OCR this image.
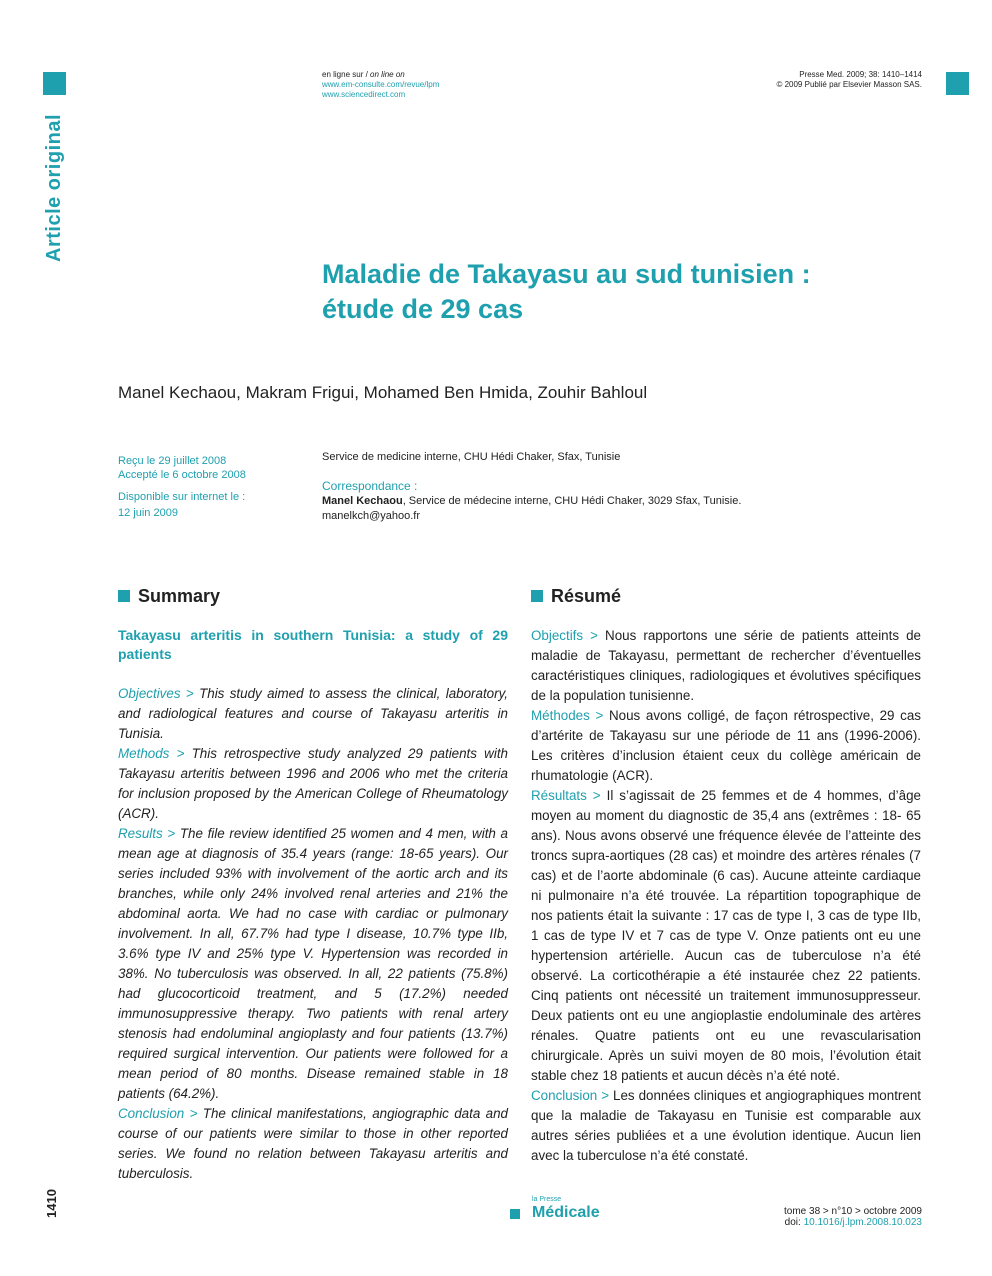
Article original
1410
en ligne sur / on line on
www.em-consulte.com/revue/lpm
www.sciencedirect.com
Presse Med. 2009; 38: 1410–1414
© 2009 Publié par Elsevier Masson SAS.
Maladie de Takayasu au sud tunisien :
étude de 29 cas
Manel Kechaou, Makram Frigui, Mohamed Ben Hmida, Zouhir Bahloul
Reçu le 29 juillet 2008
Accepté le 6 octobre 2008
Disponible sur internet le :
12 juin 2009
Service de medicine interne, CHU Hédi Chaker, Sfax, Tunisie
Correspondance :
Manel Kechaou, Service de médecine interne, CHU Hédi Chaker, 3029 Sfax, Tunisie.
manelkch@yahoo.fr
Summary
Takayasu arteritis in southern Tunisia: a study of 29 patients

Objectives > This study aimed to assess the clinical, laboratory, and radiological features and course of Takayasu arteritis in Tunisia.

Methods > This retrospective study analyzed 29 patients with Takayasu arteritis between 1996 and 2006 who met the criteria for inclusion proposed by the American College of Rheumatology (ACR).

Results > The file review identified 25 women and 4 men, with a mean age at diagnosis of 35.4 years (range: 18-65 years). Our series included 93% with involvement of the aortic arch and its branches, while only 24% involved renal arteries and 21% the abdominal aorta. We had no case with cardiac or pulmonary involvement. In all, 67.7% had type I disease, 10.7% type IIb, 3.6% type IV and 25% type V. Hypertension was recorded in 38%. No tuberculosis was observed. In all, 22 patients (75.8%) had glucocorticoid treatment, and 5 (17.2%) needed immunosuppressive therapy. Two patients with renal artery stenosis had endoluminal angioplasty and four patients (13.7%) required surgical intervention. Our patients were followed for a mean period of 80 months. Disease remained stable in 18 patients (64.2%).

Conclusion > The clinical manifestations, angiographic data and course of our patients were similar to those in other reported series. We found no relation between Takayasu arteritis and tuberculosis.

Résumé

Objectifs > Nous rapportons une série de patients atteints de maladie de Takayasu, permettant de rechercher d’éventuelles caractéristiques cliniques, radiologiques et évolutives spécifiques de la population tunisienne.

Méthodes > Nous avons colligé, de façon rétrospective, 29 cas d’artérite de Takayasu sur une période de 11 ans (1996-2006). Les critères d’inclusion étaient ceux du collège américain de rhumatologie (ACR).

Résultats > Il s’agissait de 25 femmes et de 4 hommes, d’âge moyen au moment du diagnostic de 35,4 ans (extrêmes : 18- 65 ans). Nous avons observé une fréquence élevée de l’atteinte des troncs supra-aortiques (28 cas) et moindre des artères rénales (7 cas) et de l’aorte abdominale (6 cas). Aucune atteinte cardiaque ni pulmonaire n’a été trouvée. La répartition topographique de nos patients était la suivante : 17 cas de type I, 3 cas de type IIb, 1 cas de type IV et 7 cas de type V. Onze patients ont eu une hypertension artérielle. Aucun cas de tuberculose n’a été observé. La corticothérapie a été instaurée chez 22 patients. Cinq patients ont nécessité un traitement immunosuppresseur. Deux patients ont eu une angioplastie endoluminale des artères rénales. Quatre patients ont eu une revascularisation chirurgicale. Après un suivi moyen de 80 mois, l’évolution était stable chez 18 patients et aucun décès n’a été noté.

Conclusion > Les données cliniques et angiographiques montrent que la maladie de Takayasu en Tunisie est comparable aux autres séries publiées et a une évolution identique. Aucun lien avec la tuberculose n’a été constaté.

la Presse
Médicale	tome 38 > n°10 > octobre 2009
doi: 10.1016/j.lpm.2008.10.023
